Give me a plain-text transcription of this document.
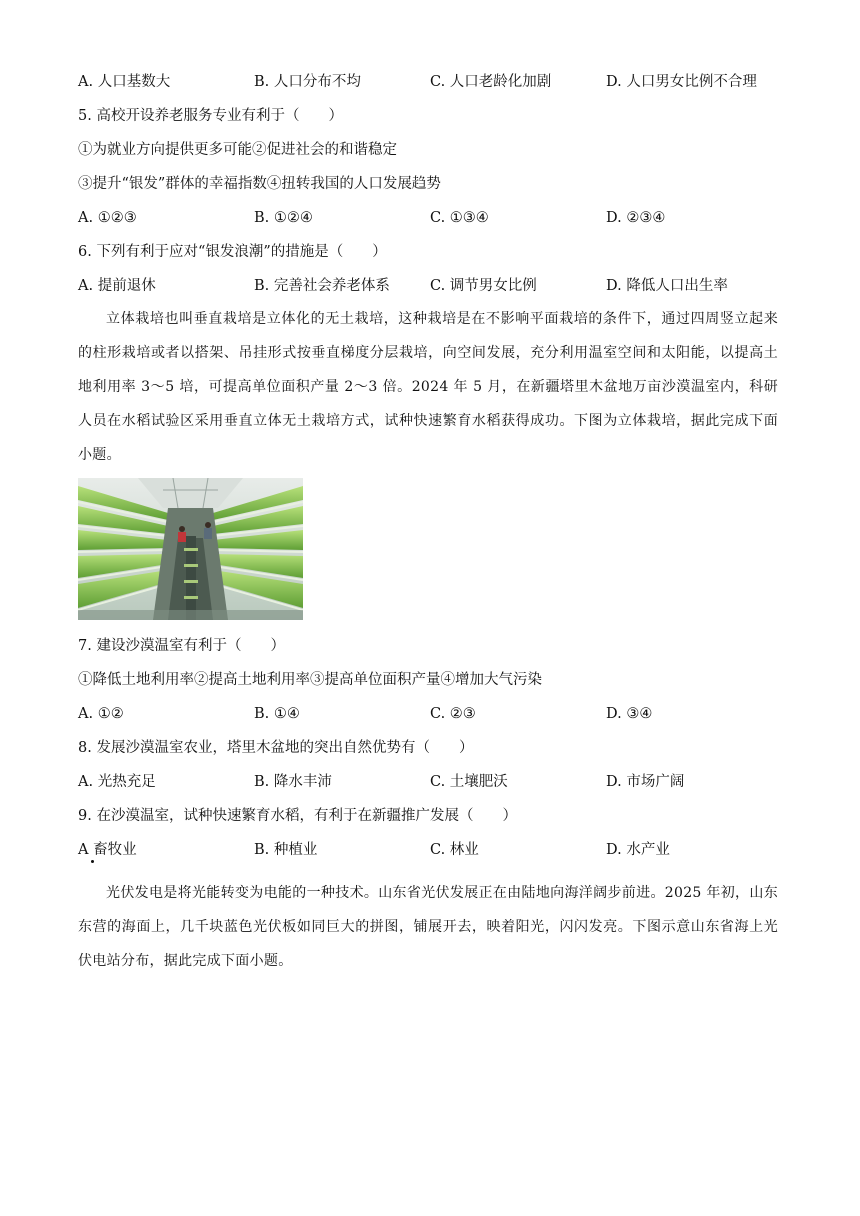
A. 人口基数大	B. 人口分布不均	C. 人口老龄化加剧	D. 人口男女比例不合理
5. 高校开设养老服务专业有利于（　　）
①为就业方向提供更多可能②促进社会的和谐稳定
③提升“银发”群体的幸福指数④扭转我国的人口发展趋势
A. ①②③	B. ①②④	C. ①③④	D. ②③④
6. 下列有利于应对“银发浪潮”的措施是（　　）
A. 提前退休	B. 完善社会养老体系	C. 调节男女比例	D. 降低人口出生率
立体栽培也叫垂直栽培是立体化的无土栽培，这种栽培是在不影响平面栽培的条件下，通过四周竖立起来的柱形栽培或者以搭架、吊挂形式按垂直梯度分层栽培，向空间发展，充分利用温室空间和太阳能，以提高土地利用率 3～5 培，可提高单位面积产量 2～3 倍。2024 年 5 月，在新疆塔里木盆地万亩沙漠温室内，科研人员在水稻试验区采用垂直立体无土栽培方式，试种快速繁育水稻获得成功。下图为立体栽培，据此完成下面小题。
7. 建设沙漠温室有利于（　　）
①降低土地利用率②提高土地利用率③提高单位面积产量④增加大气污染
A. ①②	B. ①④	C. ②③	D. ③④
8. 发展沙漠温室农业，塔里木盆地的突出自然优势有（　　）
A. 光热充足	B. 降水丰沛	C. 土壤肥沃	D. 市场广阔
9. 在沙漠温室，试种快速繁育水稻，有利于在新疆推广发展（　　）
A 畜牧业	B. 种植业	C. 林业	D. 水产业
光伏发电是将光能转变为电能的一种技术。山东省光伏发展正在由陆地向海洋阔步前进。2025 年初，山东东营的海面上，几千块蓝色光伏板如同巨大的拼图，铺展开去，映着阳光，闪闪发亮。下图示意山东省海上光伏电站分布，据此完成下面小题。
